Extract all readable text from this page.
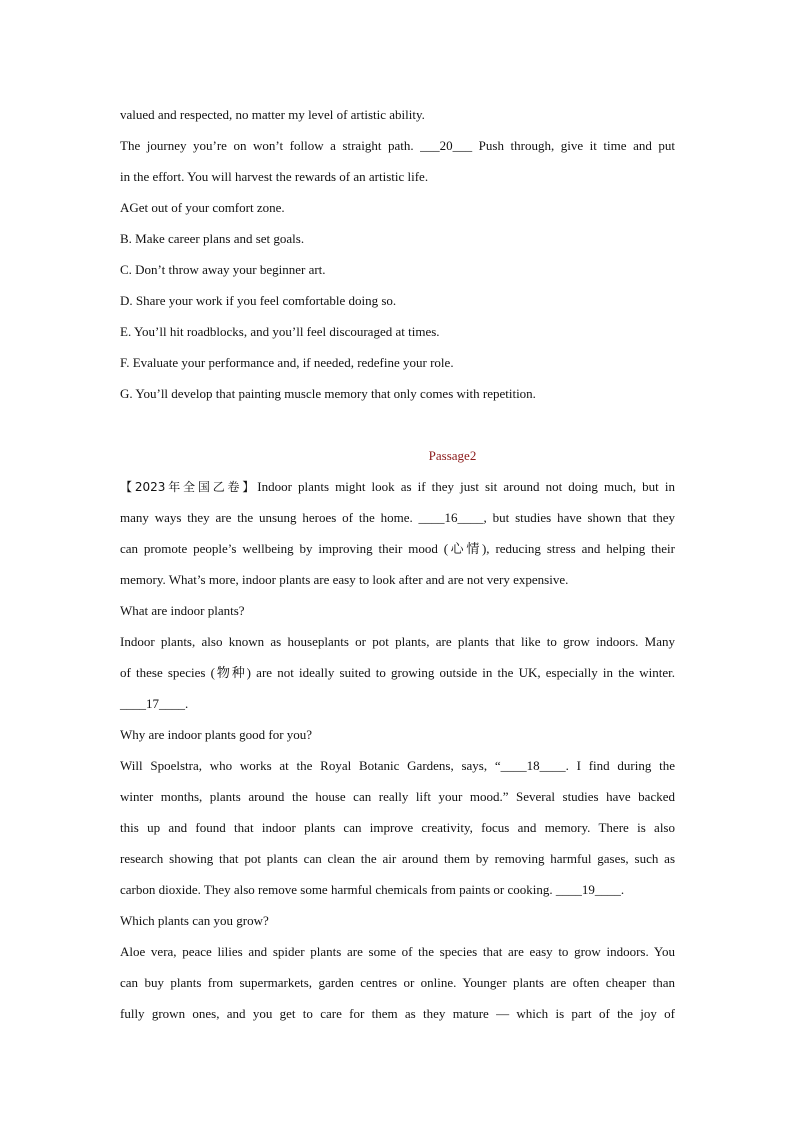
valued and respected, no matter my level of artistic ability.

The journey you’re on won’t follow a straight path. ___20___ Push through, give it time and put

in the effort. You will harvest the rewards of an artistic life.

AGet out of your comfort zone.

B. Make career plans and set goals.

C. Don’t throw away your beginner art.

D. Share your work if you feel comfortable doing so.

E. You’ll hit roadblocks, and you’ll feel discouraged at times.

F. Evaluate your performance and, if needed, redefine your role.

G. You’ll develop that painting muscle memory that only comes with repetition.

Passage2

【2023年全国乙卷】Indoor plants might look as if they just sit around not doing much, but in

many ways they are the unsung heroes of the home. ____16____, but studies have shown that they

can promote people’s wellbeing by improving their mood (心情), reducing stress and helping their

memory. What’s more, indoor plants are easy to look after and are not very expensive.

What are indoor plants?

Indoor plants, also known as houseplants or pot plants, are plants that like to grow indoors. Many

of these species (物种) are not ideally suited to growing outside in the UK, especially in the winter.

____17____.

Why are indoor plants good for you?

Will Spoelstra, who works at the Royal Botanic Gardens, says, “____18____. I find during the

winter months, plants around the house can really lift your mood.” Several studies have backed

this up and found that indoor plants can improve creativity, focus and memory. There is also

research showing that pot plants can clean the air around them by removing harmful gases, such as

carbon dioxide. They also remove some harmful chemicals from paints or cooking. ____19____.

Which plants can you grow?

Aloe vera, peace lilies and spider plants are some of the species that are easy to grow indoors. You

can buy plants from supermarkets, garden centres or online. Younger plants are often cheaper than

fully grown ones, and you get to care for them as they mature — which is part of the joy of
